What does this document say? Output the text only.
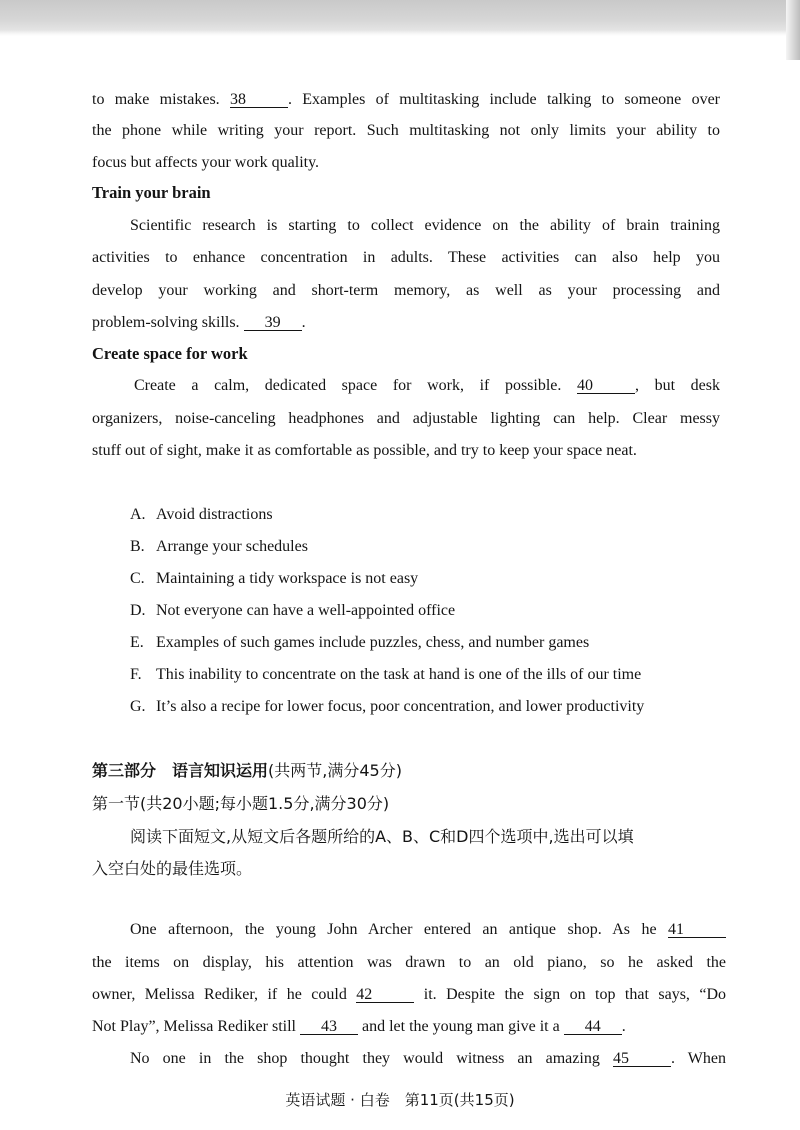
to make mistakes. 38	. Examples of multitasking include talking to someone over

the phone while writing your report. Such multitasking not only limits your ability to

focus but affects your work quality.

Train your brain

Scientific research is starting to collect evidence on the ability of brain training

activities to enhance concentration in adults. These activities can also help you

develop your working and short-term memory, as well as your processing and

problem-solving skills. 39 .

Create space for work

Create a calm, dedicated space for work, if possible. 40	, but desk

organizers, noise-canceling headphones and adjustable lighting can help. Clear messy

stuff out of sight, make it as comfortable as possible, and try to keep your space neat.

A. Avoid distractions

B. Arrange your schedules

C. Maintaining a tidy workspace is not easy

D. Not everyone can have a well-appointed office

E. Examples of such games include puzzles, chess, and number games

F. This inability to concentrate on the task at hand is one of the ills of our time

G. It’s also a recipe for lower focus, poor concentration, and lower productivity

第三部分　语言知识运用(共两节,满分45分)

第一节(共20小题;每小题1.5分,满分30分)

阅读下面短文,从短文后各题所给的A、B、C和D四个选项中,选出可以填

入空白处的最佳选项。

One afternoon, the young John Archer entered an antique shop. As he 41

the items on display, his attention was drawn to an old piano, so he asked the

owner, Melissa Rediker, if he could 42	it. Despite the sign on top that says, “Do

Not Play”, Melissa Rediker still 43 and let the young man give it a 44 .

No one in the shop thought they would witness an amazing 45	. When

英语试题 · 白卷　第11页(共15页)
